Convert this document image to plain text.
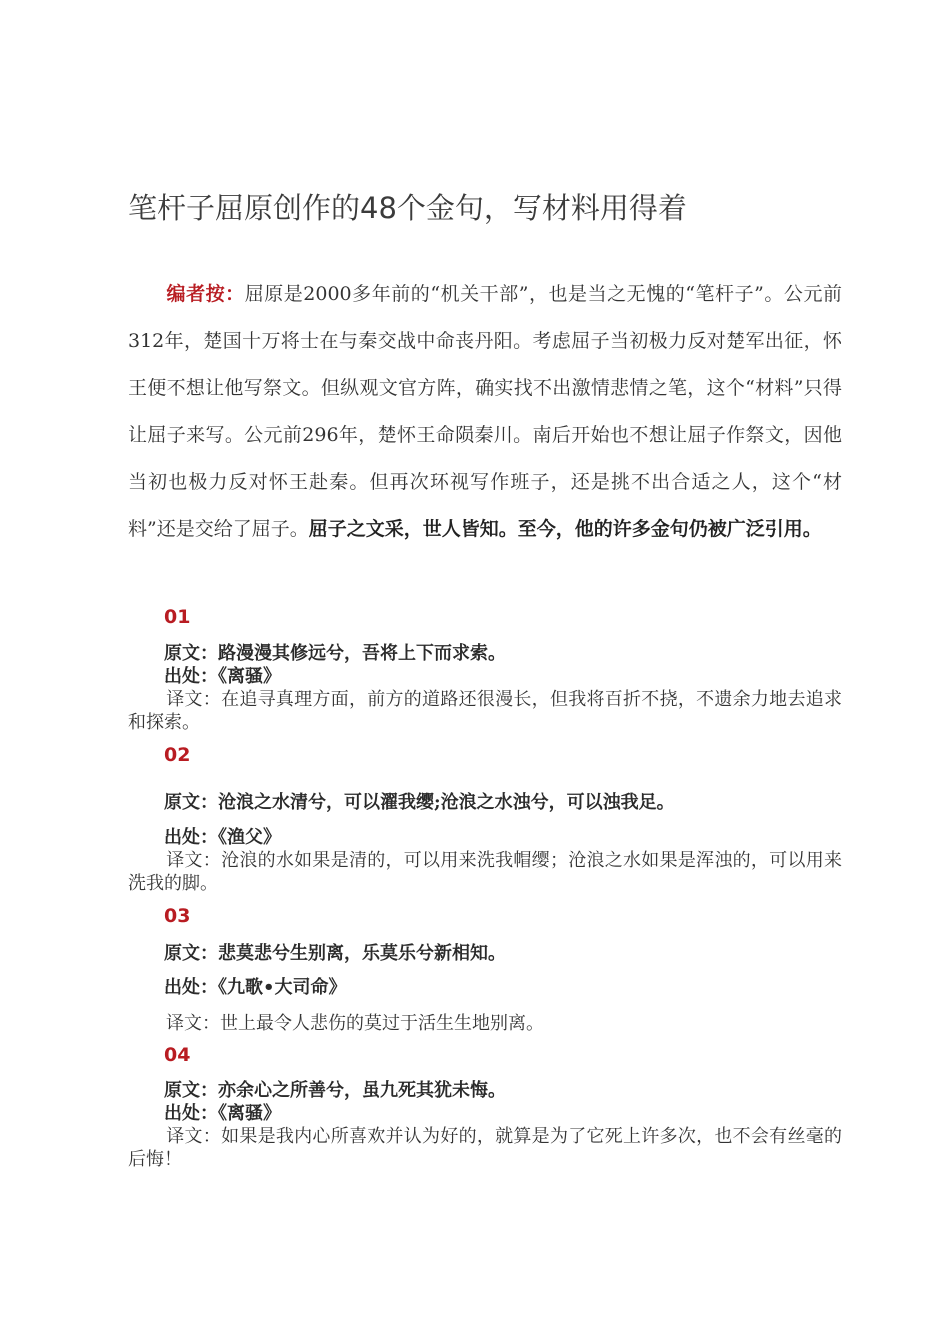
笔杆子屈原创作的48个金句，写材料用得着

编者按：屈原是2000多年前的“机关干部”，也是当之无愧的“笔杆子”。公元前312年，楚国十万将士在与秦交战中命丧丹阳。考虑屈子当初极力反对楚军出征，怀王便不想让他写祭文。但纵观文官方阵，确实找不出激情悲情之笔，这个“材料”只得让屈子来写。公元前296年，楚怀王命陨秦川。南后开始也不想让屈子作祭文，因他当初也极力反对怀王赴秦。但再次环视写作班子，还是挑不出合适之人，这个“材料”还是交给了屈子。屈子之文采，世人皆知。至今，他的许多金句仍被广泛引用。

01

原文：路漫漫其修远兮，吾将上下而求索。

出处：《离骚》

译文：在追寻真理方面，前方的道路还很漫长，但我将百折不挠，不遗余力地去追求和探索。

02

原文：沧浪之水清兮，可以濯我缨;沧浪之水浊兮，可以浊我足。

出处：《渔父》

译文：沧浪的水如果是清的，可以用来洗我帽缨；沧浪之水如果是浑浊的，可以用来洗我的脚。

03

原文：悲莫悲兮生别离，乐莫乐兮新相知。

出处：《九歌•大司命》

译文：世上最令人悲伤的莫过于活生生地别离。

04

原文：亦余心之所善兮，虽九死其犹未悔。

出处：《离骚》

译文：如果是我内心所喜欢并认为好的，就算是为了它死上许多次，也不会有丝毫的后悔！
